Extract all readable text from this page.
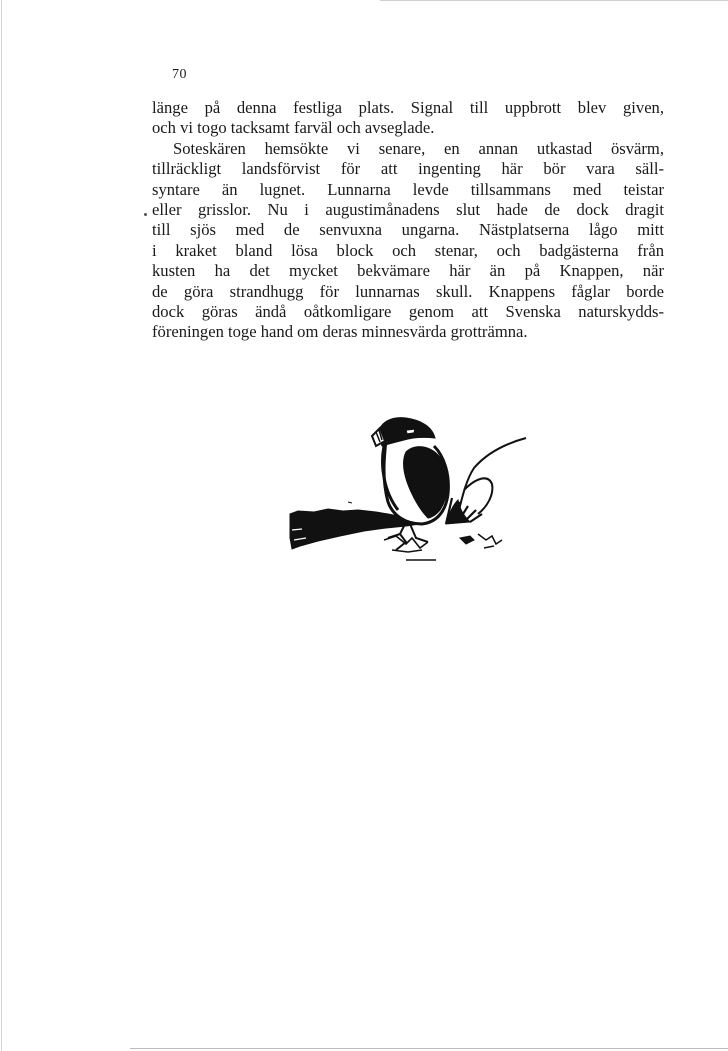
70
länge på denna festliga plats. Signal till uppbrott blev given,
och vi togo tacksamt farväl och avseglade.
Soteskären hemsökte vi senare, en annan utkastad ösvärm,
tillräckligt landsförvist för att ingenting här bör vara säll-
syntare än lugnet. Lunnarna levde tillsammans med teistar
eller grisslor. Nu i augustimånadens slut hade de dock dragit
till sjös med de senvuxna ungarna. Nästplatserna lågo mitt
i kraket bland lösa block och stenar, och badgästerna från
kusten ha det mycket bekvämare här än på Knappen, när
de göra strandhugg för lunnarnas skull. Knappens fåglar borde
dock göras ändå oåtkomligare genom att Svenska naturskydds-
föreningen toge hand om deras minnesvärda grotträmna.
